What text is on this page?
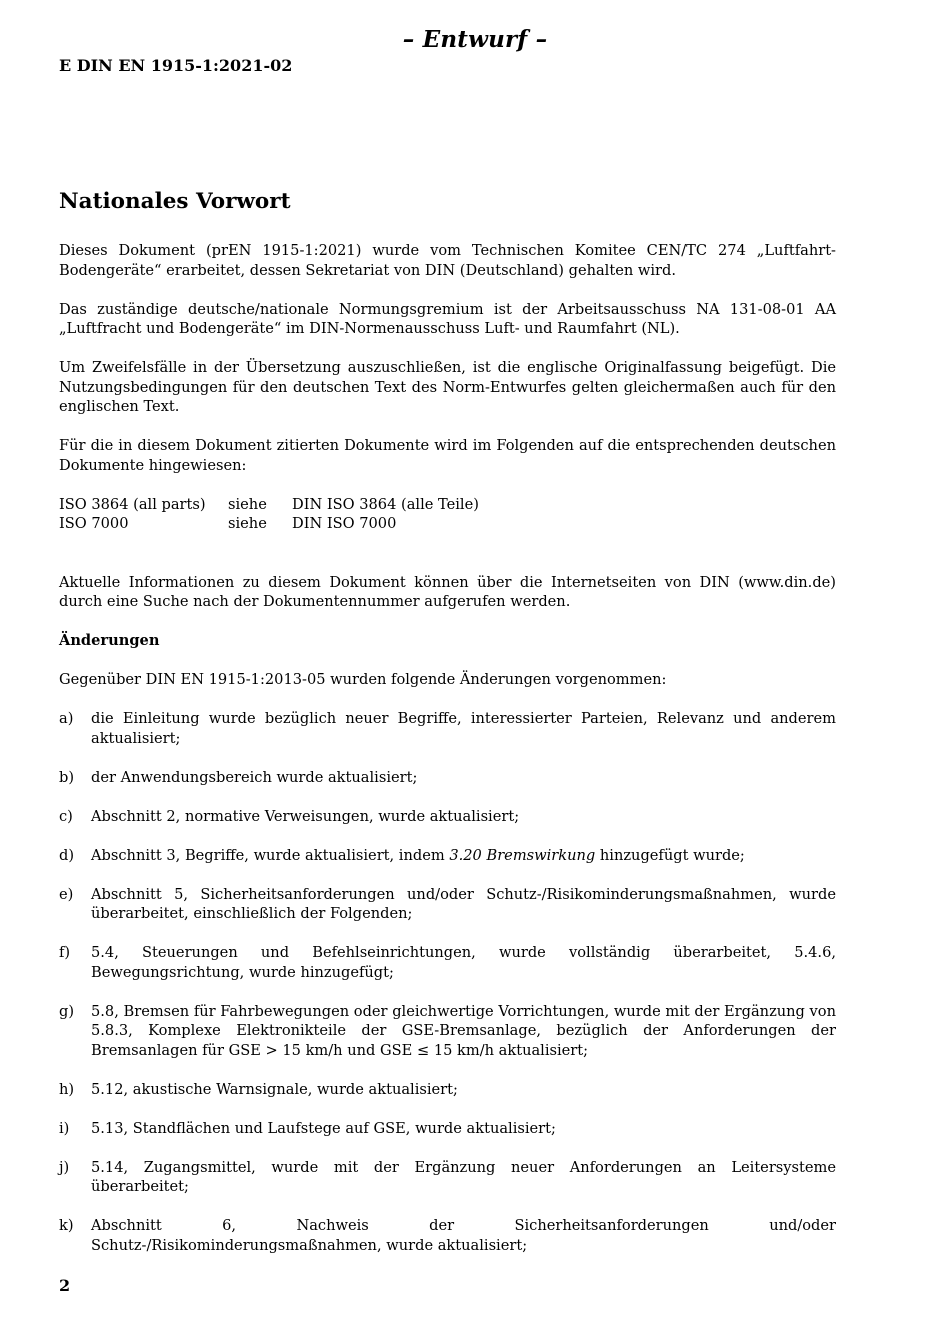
– Entwurf –
E DIN EN 1915-1:2021-02
Nationales Vorwort

Dieses Dokument (prEN 1915-1:2021) wurde vom Technischen Komitee CEN/TC 274 „Luftfahrt-Bodengeräte“ erarbeitet, dessen Sekretariat von DIN (Deutschland) gehalten wird.

Das zuständige deutsche/nationale Normungsgremium ist der Arbeitsausschuss NA 131-08-01 AA „Luftfracht und Bodengeräte“ im DIN-Normenausschuss Luft- und Raumfahrt (NL).

Um Zweifelsfälle in der Übersetzung auszuschließen, ist die englische Originalfassung beigefügt. Die Nutzungsbedingungen für den deutschen Text des Norm-Entwurfes gelten gleichermaßen auch für den englischen Text.

Für die in diesem Dokument zitierten Dokumente wird im Folgenden auf die entsprechenden deutschen Dokumente hingewiesen:

ISO 3864 (all parts)	siehe	DIN ISO 3864 (alle Teile)
ISO 7000	siehe	DIN ISO 7000

Aktuelle Informationen zu diesem Dokument können über die Internetseiten von DIN (www.din.de) durch eine Suche nach der Dokumentennummer aufgerufen werden.

Änderungen

Gegenüber DIN EN 1915-1:2013-05 wurden folgende Änderungen vorgenommen:

a)	die Einleitung wurde bezüglich neuer Begriffe, interessierter Parteien, Relevanz und anderem aktualisiert;
b)	der Anwendungsbereich wurde aktualisiert;
c)	Abschnitt 2, normative Verweisungen, wurde aktualisiert;
d)	Abschnitt 3, Begriffe, wurde aktualisiert, indem 3.20 Bremswirkung hinzugefügt wurde;
e)	Abschnitt 5, Sicherheitsanforderungen und/oder Schutz-/Risikominderungsmaßnahmen, wurde überarbeitet, einschließlich der Folgenden;
f)	5.4, Steuerungen und Befehlseinrichtungen, wurde vollständig überarbeitet, 5.4.6, Bewegungsrichtung, wurde hinzugefügt;
g)	5.8, Bremsen für Fahrbewegungen oder gleichwertige Vorrichtungen, wurde mit der Ergänzung von 5.8.3, Komplexe Elektronikteile der GSE-Bremsanlage, bezüglich der Anforderungen der Bremsanlagen für GSE > 15 km/h und GSE ≤ 15 km/h aktualisiert;
h)	5.12, akustische Warnsignale, wurde aktualisiert;
i)	5.13, Standflächen und Laufstege auf GSE, wurde aktualisiert;
j)	5.14, Zugangsmittel, wurde mit der Ergänzung neuer Anforderungen an Leitersysteme überarbeitet;
k)	Abschnitt 6, Nachweis der Sicherheitsanforderungen und/oder Schutz-/Risikominderungsmaßnahmen, wurde aktualisiert;
2
